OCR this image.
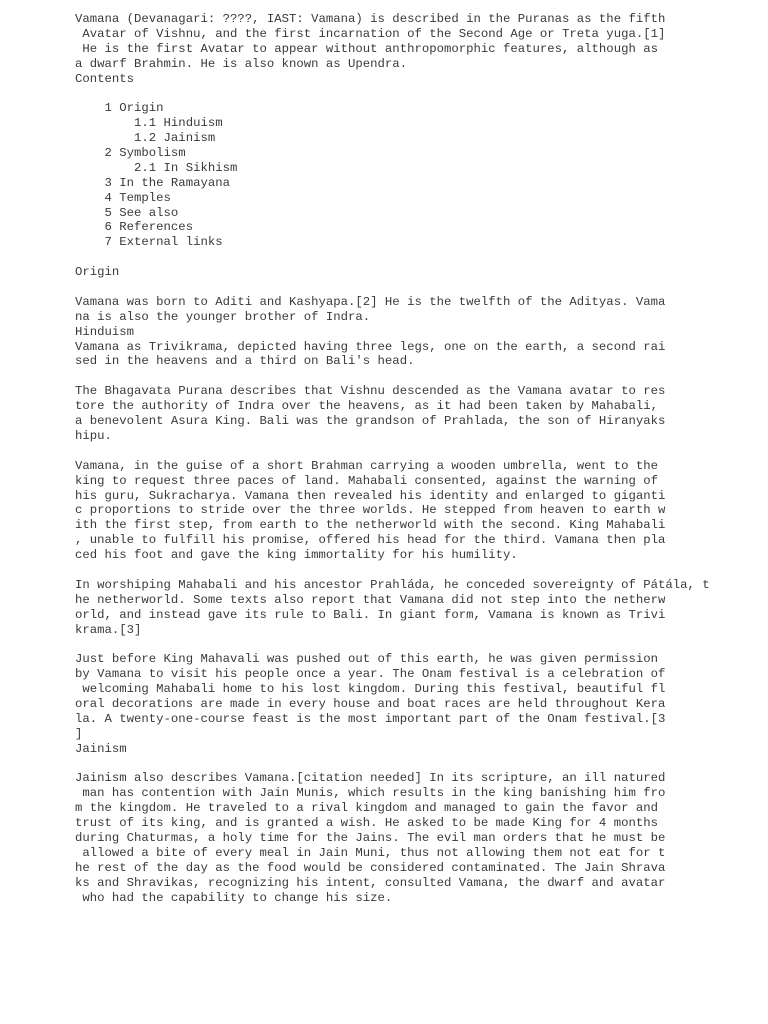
Vamana (Devanagari: ????, IAST: Vamana) is described in the Puranas as the fifth
Avatar of Vishnu, and the first incarnation of the Second Age or Treta yuga.[1]
He is the first Avatar to appear without anthropomorphic features, although as
a dwarf Brahmin. He is also known as Upendra.
Contents
1 Origin
1.1 Hinduism
1.2 Jainism
2 Symbolism
2.1 In Sikhism
3 In the Ramayana
4 Temples
5 See also
6 References
7 External links
Origin
Vamana was born to Aditi and Kashyapa.[2] He is the twelfth of the Adityas. Vama
na is also the younger brother of Indra.
Hinduism
Vamana as Trivikrama, depicted having three legs, one on the earth, a second rai
sed in the heavens and a third on Bali's head.
The Bhagavata Purana describes that Vishnu descended as the Vamana avatar to res
tore the authority of Indra over the heavens, as it had been taken by Mahabali,
a benevolent Asura King. Bali was the grandson of Prahlada, the son of Hiranyaks
hipu.
Vamana, in the guise of a short Brahman carrying a wooden umbrella, went to the
king to request three paces of land. Mahabali consented, against the warning of
his guru, Sukracharya. Vamana then revealed his identity and enlarged to giganti
c proportions to stride over the three worlds. He stepped from heaven to earth w
ith the first step, from earth to the netherworld with the second. King Mahabali
, unable to fulfill his promise, offered his head for the third. Vamana then pla
ced his foot and gave the king immortality for his humility.
In worshiping Mahabali and his ancestor Prahláda, he conceded sovereignty of Pátála, t
he netherworld. Some texts also report that Vamana did not step into the netherw
orld, and instead gave its rule to Bali. In giant form, Vamana is known as Trivi
krama.[3]
Just before King Mahavali was pushed out of this earth, he was given permission
by Vamana to visit his people once a year. The Onam festival is a celebration of
welcoming Mahabali home to his lost kingdom. During this festival, beautiful fl
oral decorations are made in every house and boat races are held throughout Kera
la. A twenty-one-course feast is the most important part of the Onam festival.[3
]
Jainism
Jainism also describes Vamana.[citation needed] In its scripture, an ill natured
man has contention with Jain Munis, which results in the king banishing him fro
m the kingdom. He traveled to a rival kingdom and managed to gain the favor and
trust of its king, and is granted a wish. He asked to be made King for 4 months
during Chaturmas, a holy time for the Jains. The evil man orders that he must be
allowed a bite of every meal in Jain Muni, thus not allowing them not eat for t
he rest of the day as the food would be considered contaminated. The Jain Shrava
ks and Shravikas, recognizing his intent, consulted Vamana, the dwarf and avatar
who had the capability to change his size.
